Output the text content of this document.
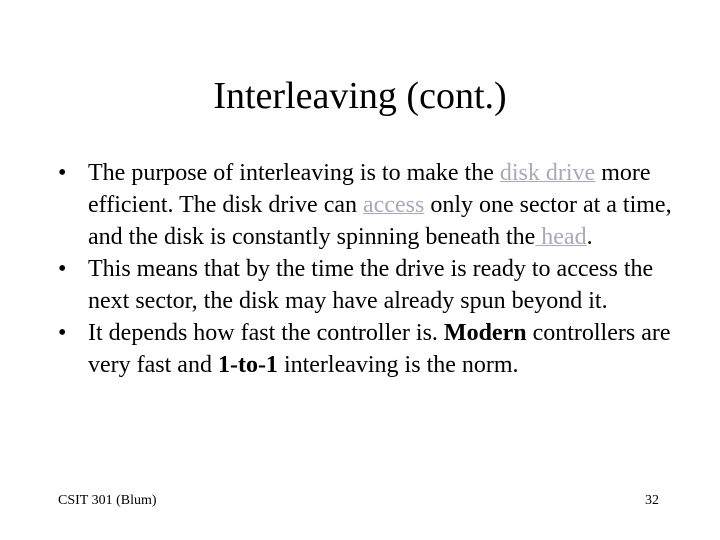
Interleaving (cont.)
• The purpose of interleaving is to make the disk drive more efficient. The disk drive can access only one sector at a time, and the disk is constantly spinning beneath the head.
• This means that by the time the drive is ready to access the next sector, the disk may have already spun beyond it.
• It depends how fast the controller is. Modern controllers are very fast and 1-to-1 interleaving is the norm.
CSIT 301 (Blum)	32
